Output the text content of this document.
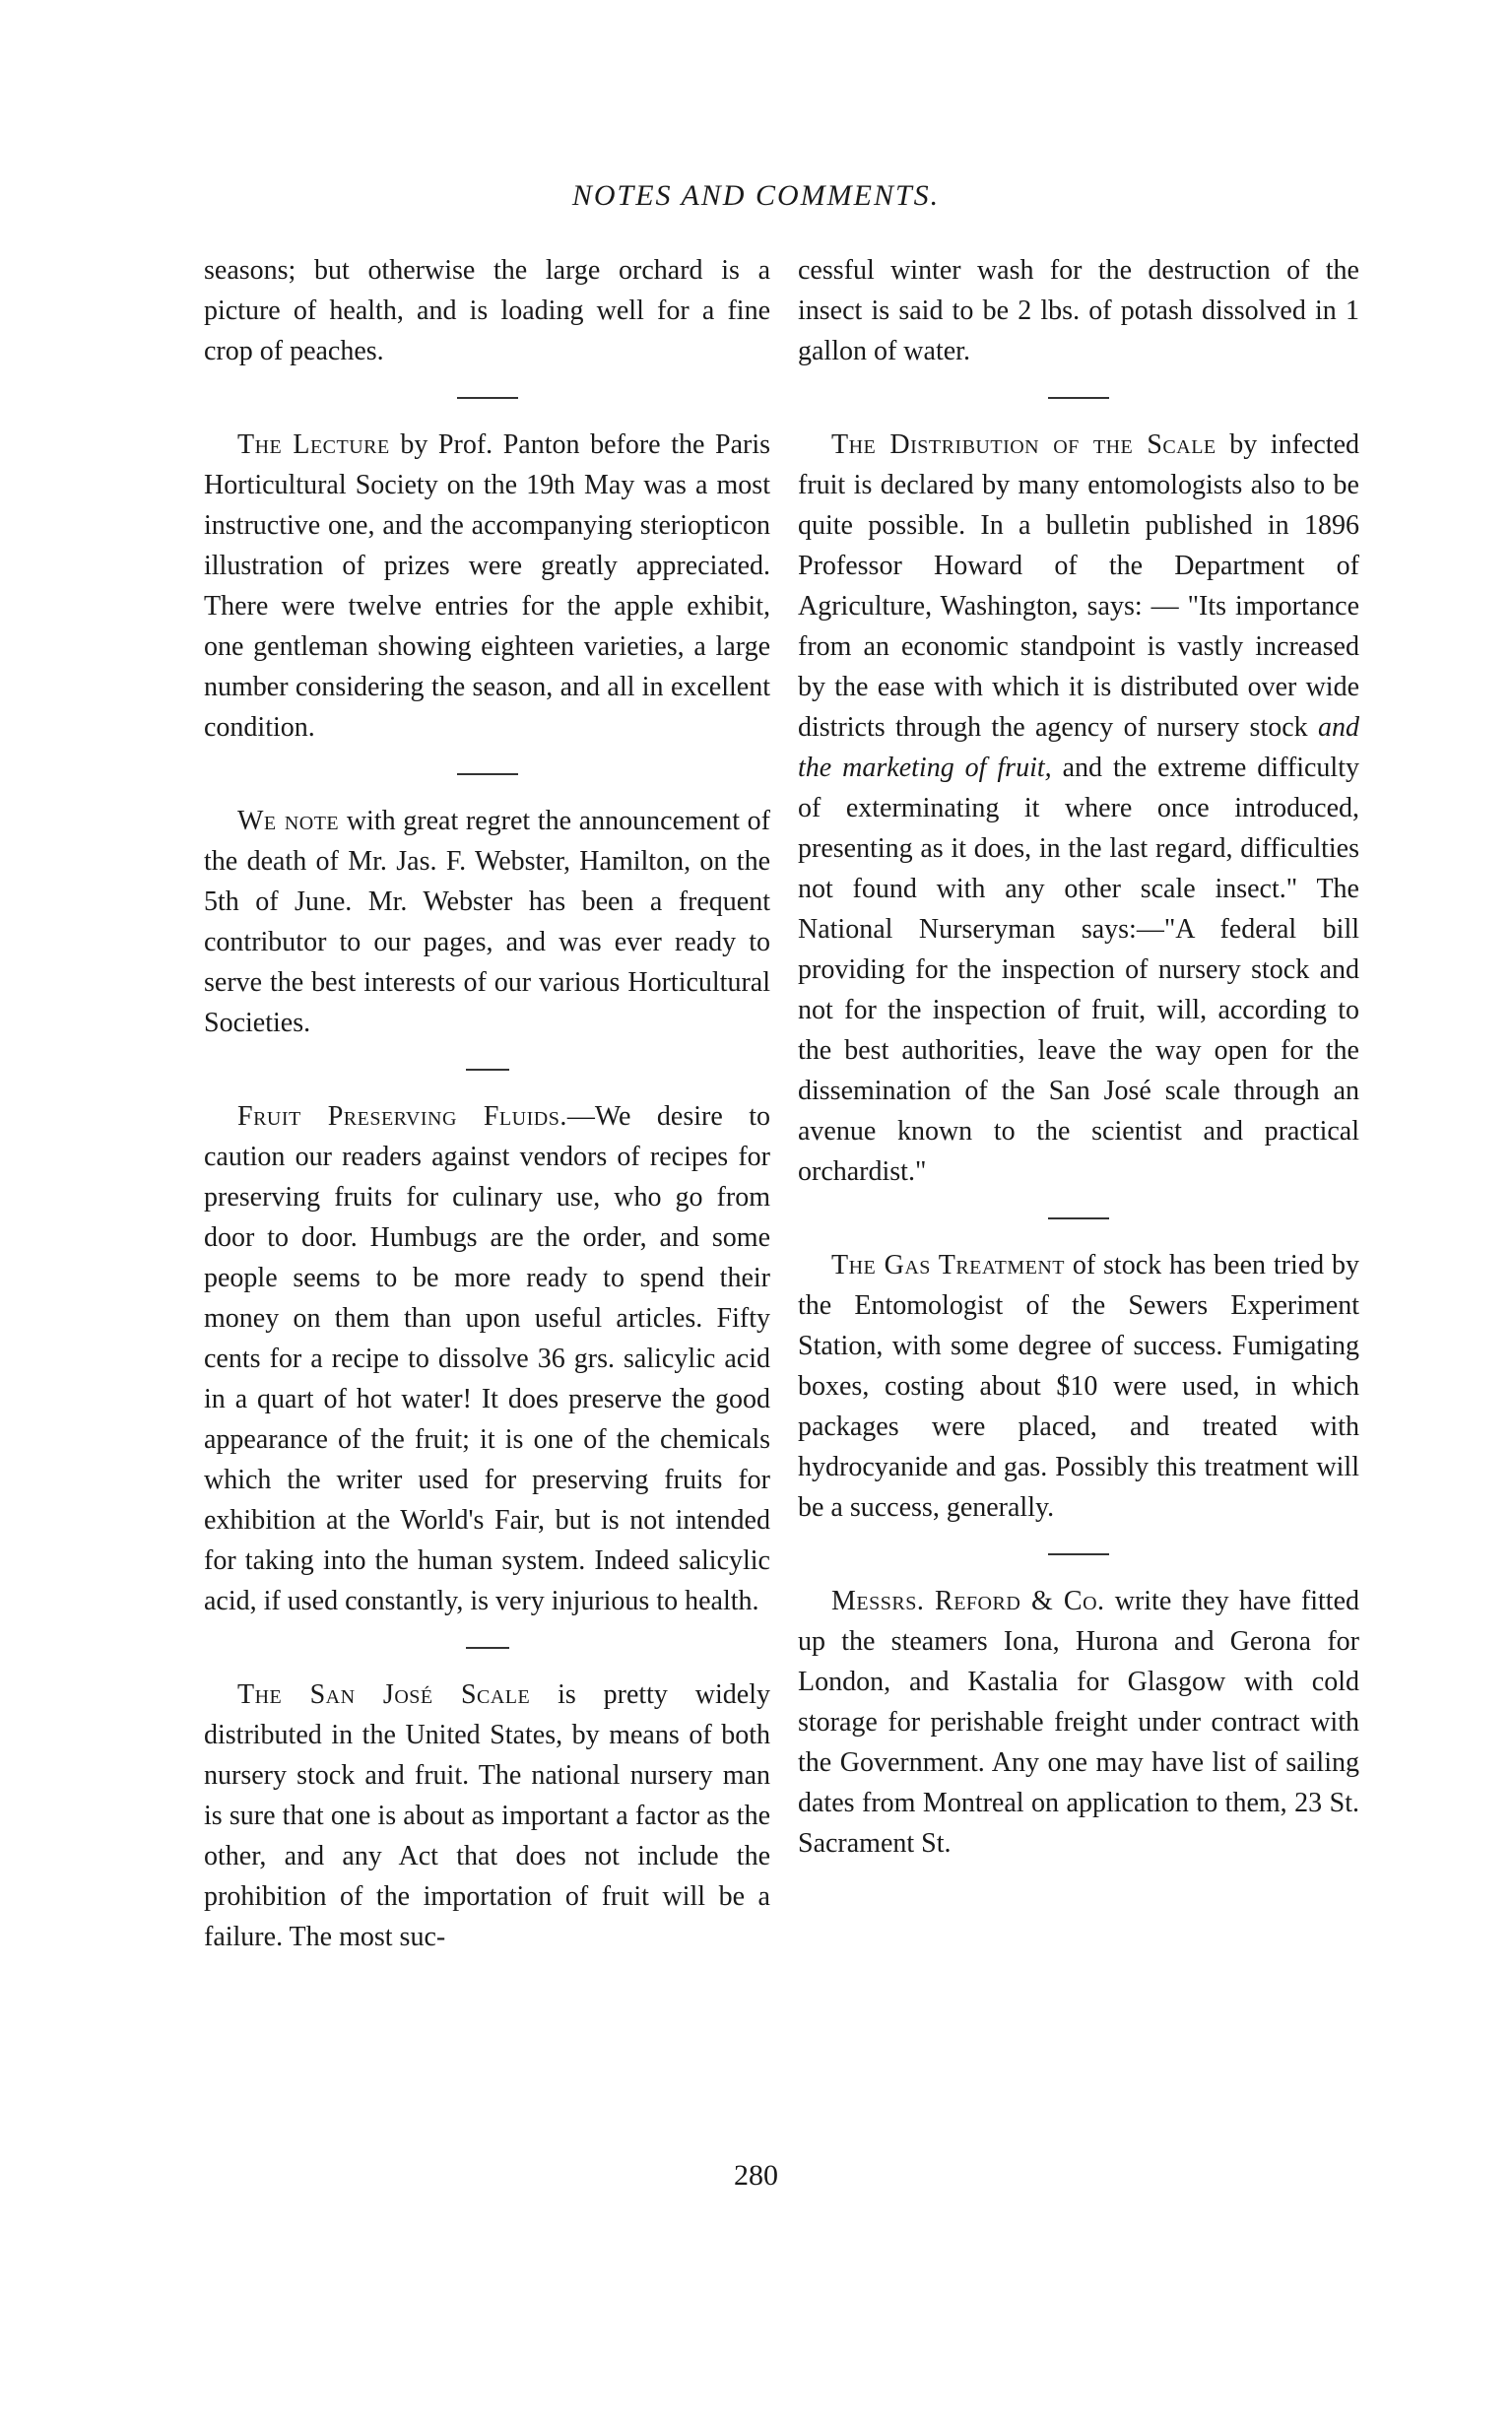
NOTES AND COMMENTS.

seasons; but otherwise the large orchard is a picture of health, and is loading well for a fine crop of peaches.

The Lecture by Prof. Panton before the Paris Horticultural Society on the 19th May was a most instructive one, and the accompanying steriopticon illustration of prizes were greatly appreciated. There were twelve entries for the apple exhibit, one gentleman showing eighteen varieties, a large number considering the season, and all in excellent condition.

We note with great regret the announcement of the death of Mr. Jas. F. Webster, Hamilton, on the 5th of June. Mr. Webster has been a frequent contributor to our pages, and was ever ready to serve the best interests of our various Horticultural Societies.

Fruit Preserving Fluids.—We desire to caution our readers against vendors of recipes for preserving fruits for culinary use, who go from door to door. Humbugs are the order, and some people seems to be more ready to spend their money on them than upon useful articles. Fifty cents for a recipe to dissolve 36 grs. salicylic acid in a quart of hot water! It does preserve the good appearance of the fruit; it is one of the chemicals which the writer used for preserving fruits for exhibition at the World's Fair, but is not intended for taking into the human system. Indeed salicylic acid, if used constantly, is very injurious to health.

The San José Scale is pretty widely distributed in the United States, by means of both nursery stock and fruit. The national nursery man is sure that one is about as important a factor as the other, and any Act that does not include the prohibition of the importation of fruit will be a failure. The most suc-

cessful winter wash for the destruction of the insect is said to be 2 lbs. of potash dissolved in 1 gallon of water.

The Distribution of the Scale by infected fruit is declared by many entomologists also to be quite possible. In a bulletin published in 1896 Professor Howard of the Department of Agriculture, Washington, says: — "Its importance from an economic standpoint is vastly increased by the ease with which it is distributed over wide districts through the agency of nursery stock and the marketing of fruit, and the extreme difficulty of exterminating it where once introduced, presenting as it does, in the last regard, difficulties not found with any other scale insect." The National Nurseryman says:—"A federal bill providing for the inspection of nursery stock and not for the inspection of fruit, will, according to the best authorities, leave the way open for the dissemination of the San José scale through an avenue known to the scientist and practical orchardist."

The Gas Treatment of stock has been tried by the Entomologist of the Sewers Experiment Station, with some degree of success. Fumigating boxes, costing about $10 were used, in which packages were placed, and treated with hydrocyanide and gas. Possibly this treatment will be a success, generally.

Messrs. Reford & Co. write they have fitted up the steamers Iona, Hurona and Gerona for London, and Kastalia for Glasgow with cold storage for perishable freight under contract with the Government. Any one may have list of sailing dates from Montreal on application to them, 23 St. Sacrament St.

280
